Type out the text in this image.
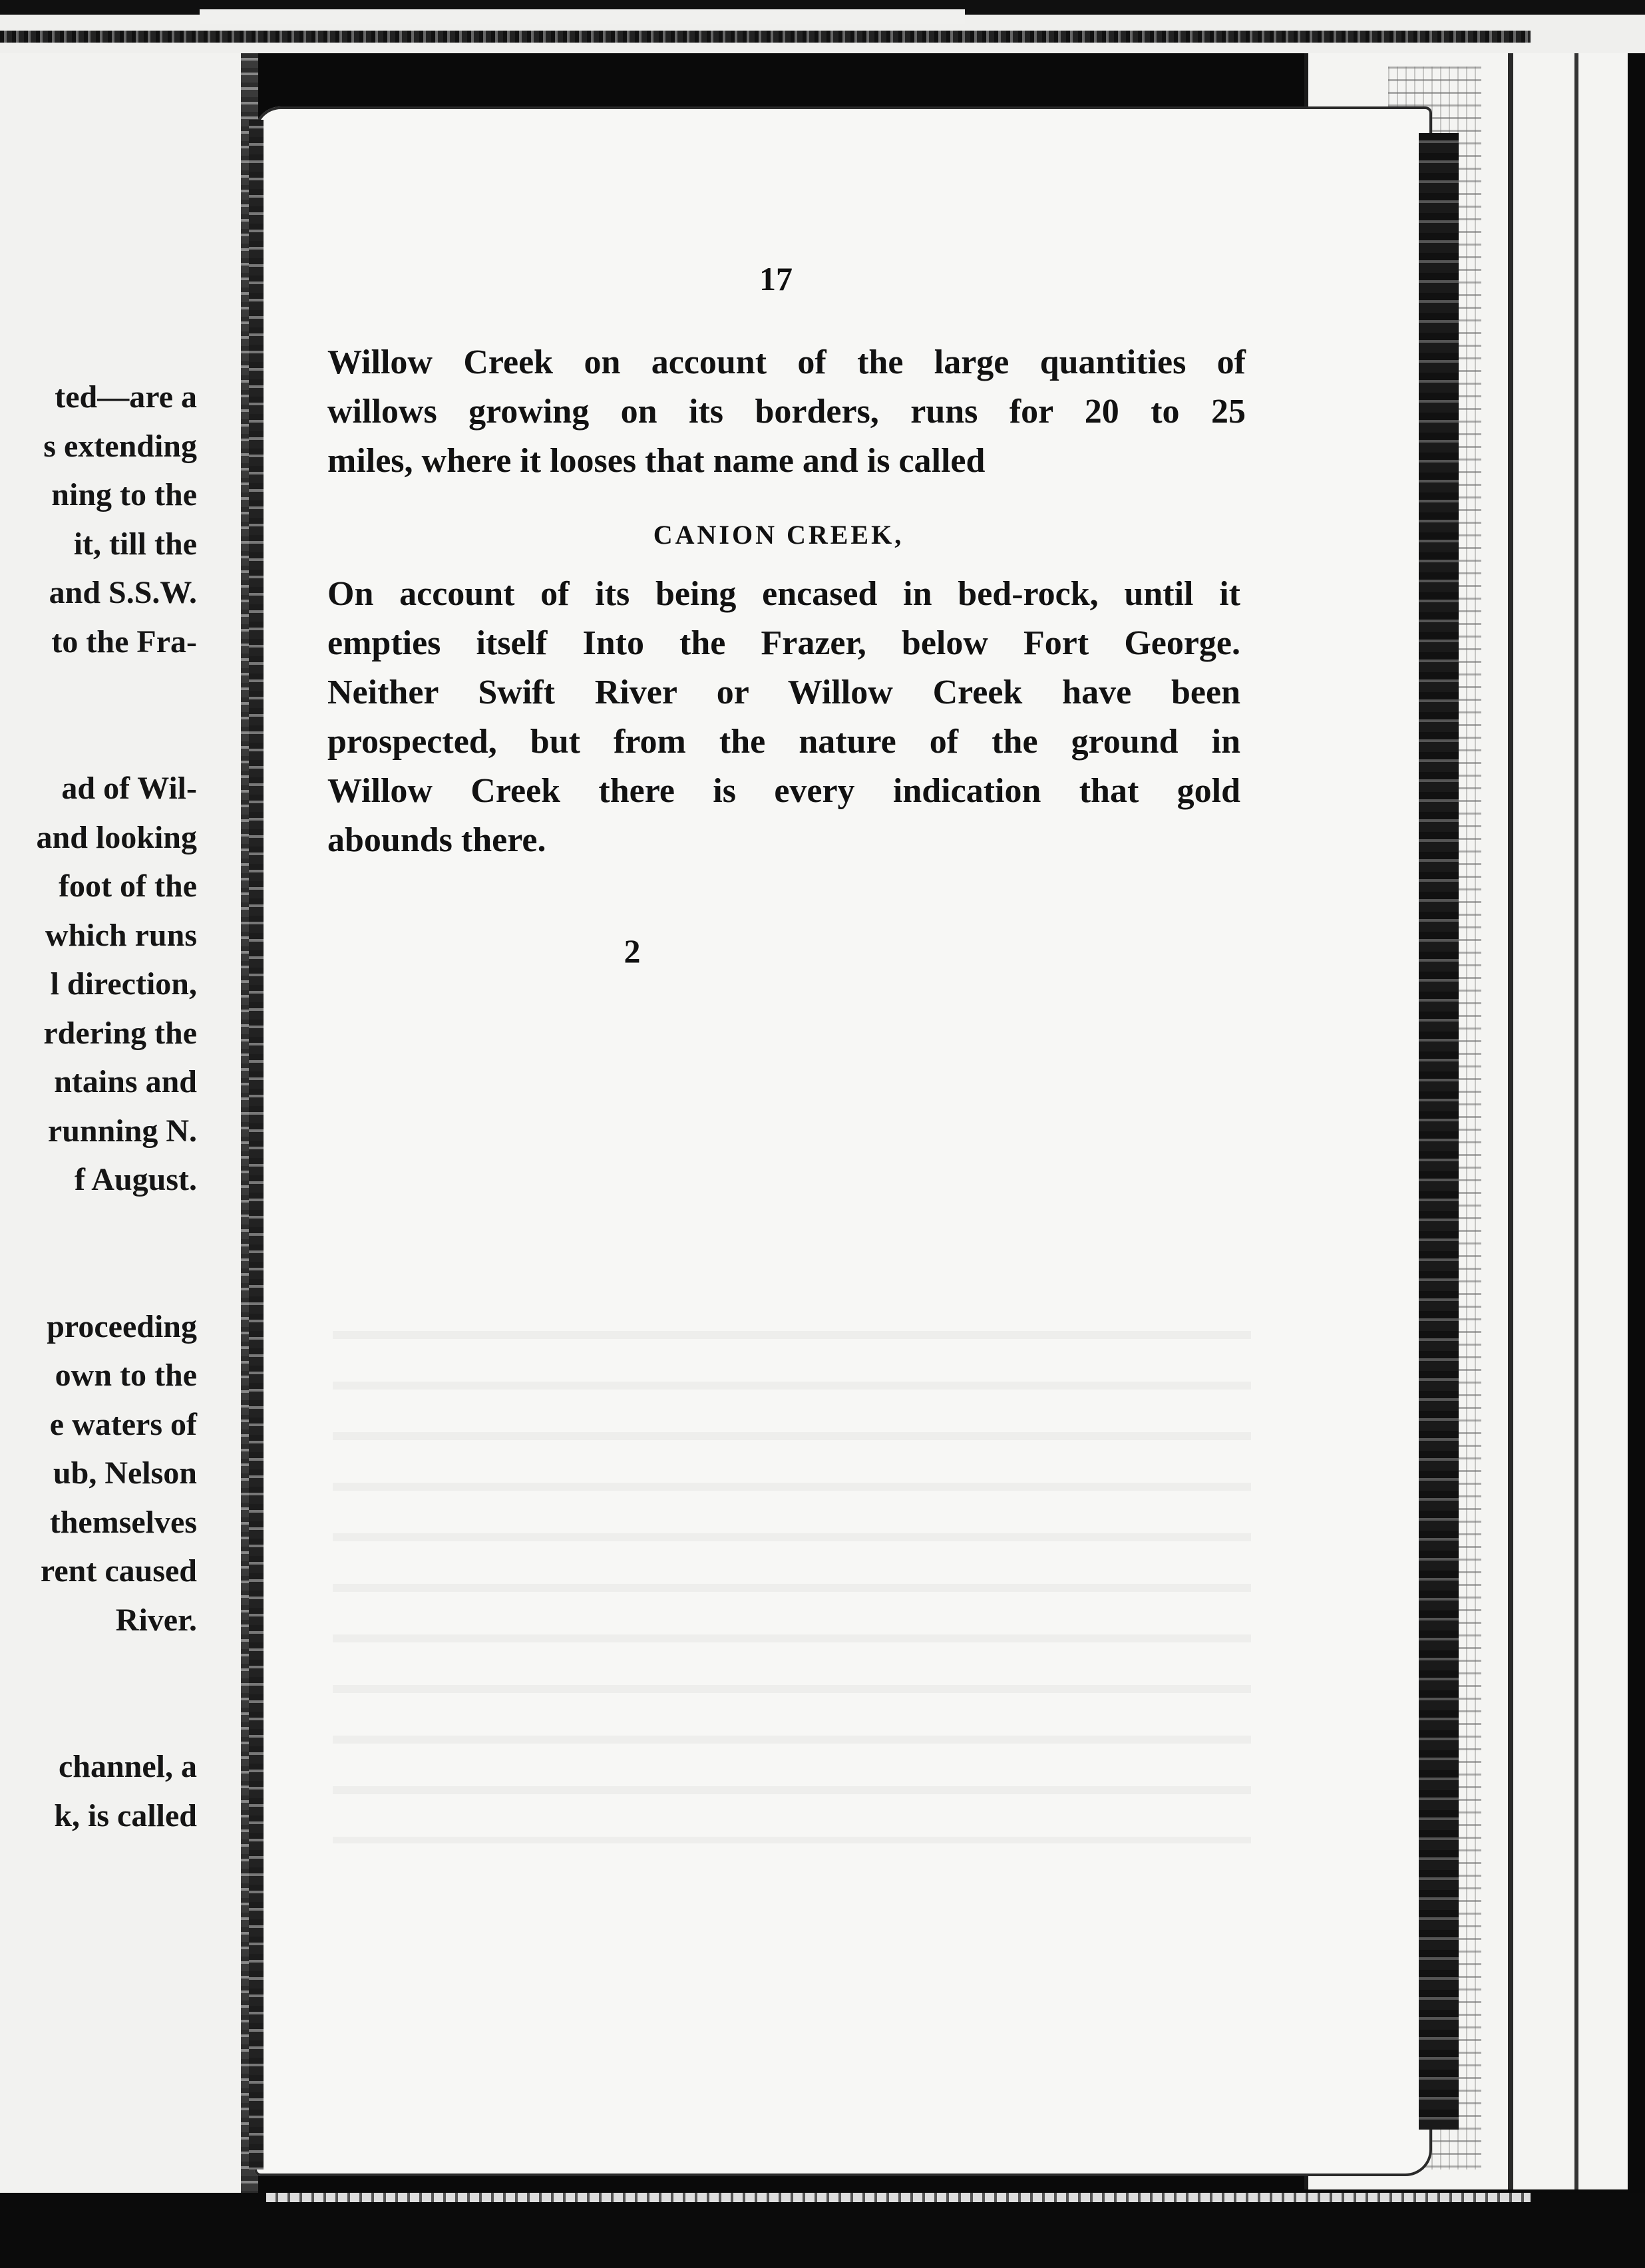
ted—are a
s extending
ning to the
it, till the
and S.S.W.
to the Fra-
ad of Wil-
and looking
foot of the
which runs
l direction,
rdering the
ntains and
running N.
f August.
proceeding
own to the
e waters of
ub, Nelson
themselves
rent caused
River.
channel, a
k, is called
17
Willow Creek on account of the large quantities of
willows growing on its borders, runs for 20 to 25
miles, where it looses that name and is called
CANION CREEK,
On account of its being encased in bed-rock, until it
empties itself Into the Frazer, below Fort George.
Neither Swift River or Willow Creek have been
prospected, but from the nature of the ground in
Willow Creek there is every indication that gold
abounds there.
2
